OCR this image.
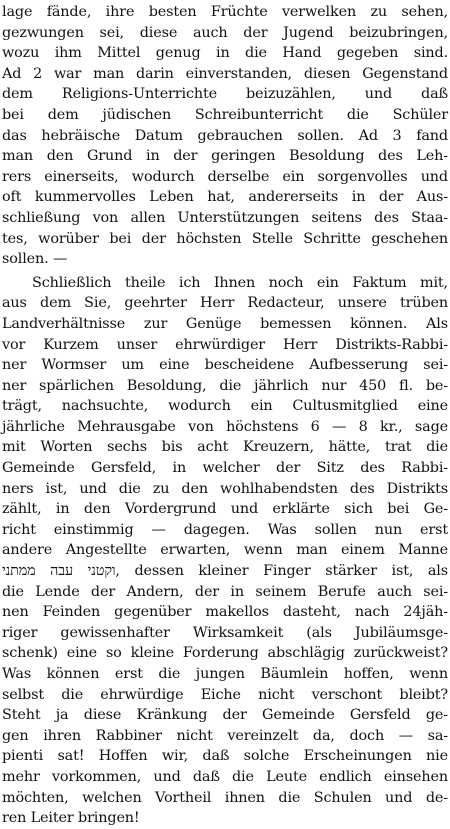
lage fände, ihre besten Früchte verwelken zu sehen,
gezwungen sei, diese auch der Jugend beizubringen,
wozu ihm Mittel genug in die Hand gegeben sind.
Ad 2 war man darin einverstanden, diesen Gegenstand
dem Religions-Unterrichte beizuzählen, und daß
bei dem jüdischen Schreibunterricht die Schüler
das hebräische Datum gebrauchen sollen. Ad 3 fand
man den Grund in der geringen Besoldung des Leh-
rers einerseits, wodurch derselbe ein sorgenvolles und
oft kummervolles Leben hat, andererseits in der Aus-
schließung von allen Unterstützungen seitens des Staa-
tes, worüber bei der höchsten Stelle Schritte geschehen
sollen. —
Schließlich theile ich Ihnen noch ein Faktum mit,
aus dem Sie, geehrter Herr Redacteur, unsere trüben
Landverhältnisse zur Genüge bemessen können. Als
vor Kurzem unser ehrwürdiger Herr Distrikts-Rabbi-
ner Wormser um eine bescheidene Aufbesserung sei-
ner spärlichen Besoldung, die jährlich nur 450 fl. be-
trägt, nachsuchte, wodurch ein Cultusmitglied eine
jährliche Mehrausgabe von höchstens 6 — 8 kr., sage
mit Worten sechs bis acht Kreuzern, hätte, trat die
Gemeinde Gersfeld, in welcher der Sitz des Rabbi-
ners ist, und die zu den wohlhabendsten des Distrikts
zählt, in den Vordergrund und erklärte sich bei Ge-
richt einstimmig — dagegen. Was sollen nun erst
andere Angestellte erwarten, wenn man einem Manne
וקטני עבה ממתני, dessen kleiner Finger stärker ist, als
die Lende der Andern, der in seinem Berufe auch sei-
nen Feinden gegenüber makellos dasteht, nach 24jäh-
riger gewissenhafter Wirksamkeit (als Jubiläumsge-
schenk) eine so kleine Forderung abschlägig zurückweist?
Was können erst die jungen Bäumlein hoffen, wenn
selbst die ehrwürdige Eiche nicht verschont bleibt?
Steht ja diese Kränkung der Gemeinde Gersfeld ge-
gen ihren Rabbiner nicht vereinzelt da, doch — sa-
pienti sat! Hoffen wir, daß solche Erscheinungen nie
mehr vorkommen, und daß die Leute endlich einsehen
möchten, welchen Vortheil ihnen die Schulen und de-
ren Leiter bringen!
